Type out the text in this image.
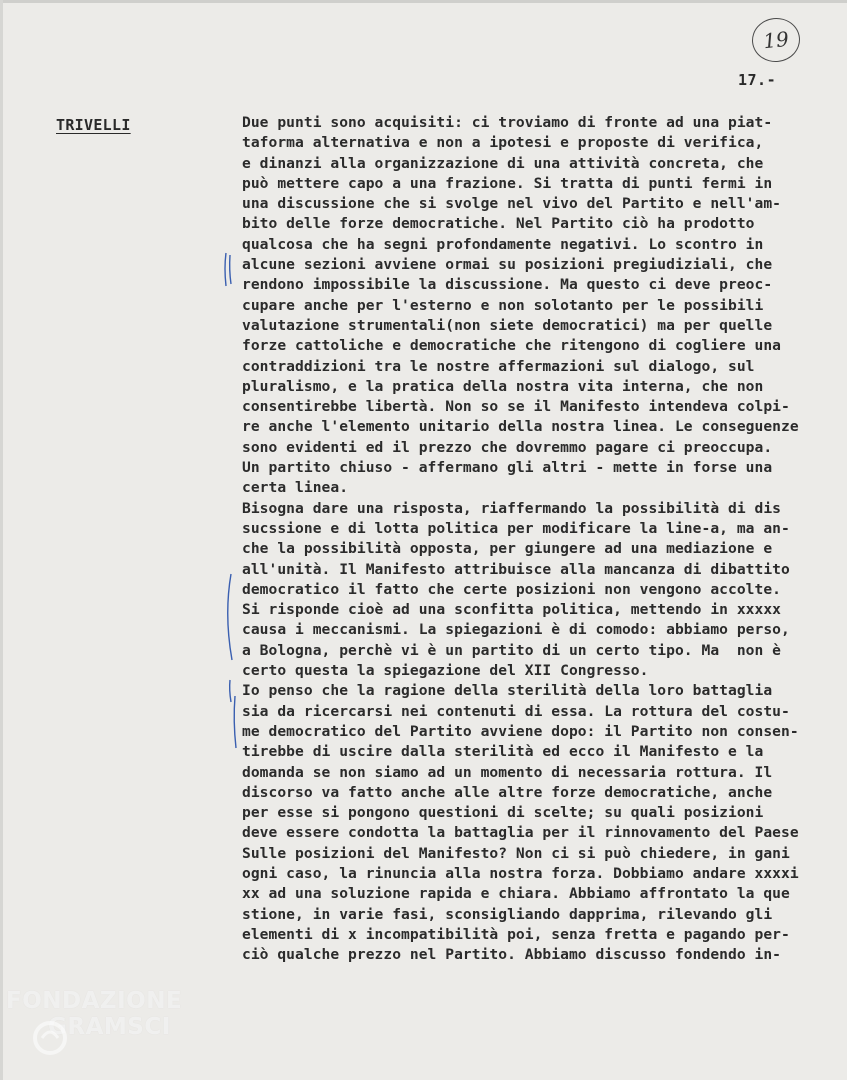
19
17.-
TRIVELLI	Due punti sono acquisiti: ci troviamo di fronte ad una piat-
taforma alternativa e non a ipotesi e proposte di verifica,
e dinanzi alla organizzazione di una attività concreta, che
può mettere capo a una frazione. Si tratta di punti fermi in
una discussione che si svolge nel vivo del Partito e nell'am-
bito delle forze democratiche. Nel Partito ciò ha prodotto
qualcosa che ha segni profondamente negativi. Lo scontro in
alcune sezioni avviene ormai su posizioni pregiudiziali, che
rendono impossibile la discussione. Ma questo ci deve preoc-
cupare anche per l'esterno e non solotanto per le possibili
valutazione strumentali(non siete democratici) ma per quelle
forze cattoliche e democratiche che ritengono di cogliere una
contraddizioni tra le nostre affermazioni sul dialogo, sul
pluralismo, e la pratica della nostra vita interna, che non
consentirebbe libertà. Non so se il Manifesto intendeva colpi-
re anche l'elemento unitario della nostra linea. Le conseguenze
sono evidenti ed il prezzo che dovremmo pagare ci preoccupa.
Un partito chiuso - affermano gli altri - mette in forse una
certa linea.
Bisogna dare una risposta, riaffermando la possibilità di dis
sucssione e di lotta politica per modificare la line-a, ma an-
che la possibilità opposta, per giungere ad una mediazione e
all'unità. Il Manifesto attribuisce alla mancanza di dibattito
democratico il fatto che certe posizioni non vengono accolte.
Si risponde cioè ad una sconfitta politica, mettendo in xxxxx
causa i meccanismi. La spiegazioni è di comodo: abbiamo perso,
a Bologna, perchè vi è un partito di un certo tipo. Ma  non è
certo questa la spiegazione del XII Congresso.
Io penso che la ragione della sterilità della loro battaglia
sia da ricercarsi nei contenuti di essa. La rottura del costu-
me democratico del Partito avviene dopo: il Partito non consen-
tirebbe di uscire dalla sterilità ed ecco il Manifesto e la
domanda se non siamo ad un momento di necessaria rottura. Il
discorso va fatto anche alle altre forze democratiche, anche
per esse si pongono questioni di scelte; su quali posizioni
deve essere condotta la battaglia per il rinnovamento del Paese
Sulle posizioni del Manifesto? Non ci si può chiedere, in gani
ogni caso, la rinuncia alla nostra forza. Dobbiamo andare xxxxi
xx ad una soluzione rapida e chiara. Abbiamo affrontato la que
stione, in varie fasi, sconsigliando dapprima, rilevando gli
elementi di x incompatibilità poi, senza fretta e pagando per-
ciò qualche prezzo nel Partito. Abbiamo discusso fondendo in-
FONDAZIONE
GRAMSCI
